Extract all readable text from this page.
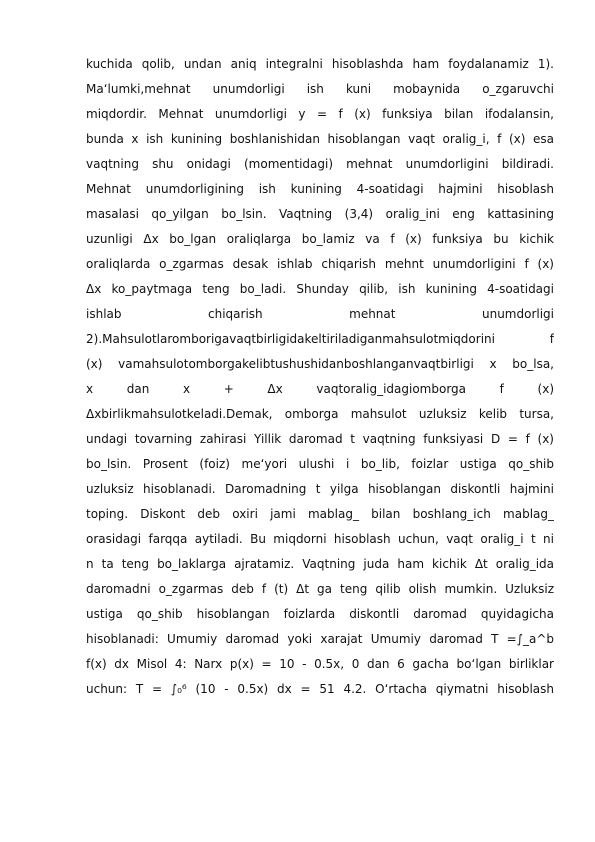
kuchida qolib, undan aniq integralni hisoblashda ham foydalanamiz 1).
Ma‘lumki,mehnat unumdorligi ish kuni mobaynida o_zgaruvchi
miqdordir. Mehnat unumdorligi y = f (x) funksiya bilan ifodalansin,
bunda x ish kunining boshlanishidan hisoblangan vaqt oralig_i, f (x) esa
vaqtning shu onidagi (momentidagi) mehnat unumdorligini bildiradi.
Mehnat unumdorligining ish kunining 4-soatidagi hajmini hisoblash
masalasi qo_yilgan bo_lsin. Vaqtning (3,4) oralig_ini eng kattasining
uzunligi Δx bo_lgan oraliqlarga bo_lamiz va f (x) funksiya bu kichik
oraliqlarda o_zgarmas desak ishlab chiqarish mehnt unumdorligini f (x)
Δx ko_paytmaga teng bo_ladi. Shunday qilib, ish kunining 4-soatidagi
ishlab chiqarish mehnat unumdorligi
2).Mahsulotlaromborigavaqtbirligidakeltiriladiganmahsulotmiqdorini f
(x) vamahsulotomborgakelibtushushidanboshlanganvaqtbirligi x bo_lsa,
x dan x + Δx vaqtoralig_idagiomborga f (x)
Δxbirlikmahsulotkeladi.Demak, omborga mahsulot uzluksiz kelib tursa,
undagi tovarning zahirasi Yillik daromad t vaqtning funksiyasi D = f (x)
bo_lsin. Prosent (foiz) me‘yori ulushi i bo_lib, foizlar ustiga qo_shib
uzluksiz hisoblanadi. Daromadning t yilga hisoblangan diskontli hajmini
toping. Diskont deb oxiri jami mablag_ bilan boshlang_ich mablag_
orasidagi farqqa aytiladi. Bu miqdorni hisoblash uchun, vaqt oralig_i t ni
n ta teng bo_laklarga ajratamiz. Vaqtning juda ham kichik Δt oralig_ida
daromadni o_zgarmas deb f (t) Δt ga teng qilib olish mumkin. Uzluksiz
ustiga qo_shib hisoblangan foizlarda diskontli daromad quyidagicha
hisoblanadi: Umumiy daromad yoki xarajat Umumiy daromad T =∫_a^b
f(x) dx Misol 4: Narx p(x) = 10 - 0.5x, 0 dan 6 gacha bo‘lgan birliklar
uchun: T = ∫₀⁶ (10 - 0.5x) dx = 51 4.2. O‘rtacha qiymatni hisoblash
